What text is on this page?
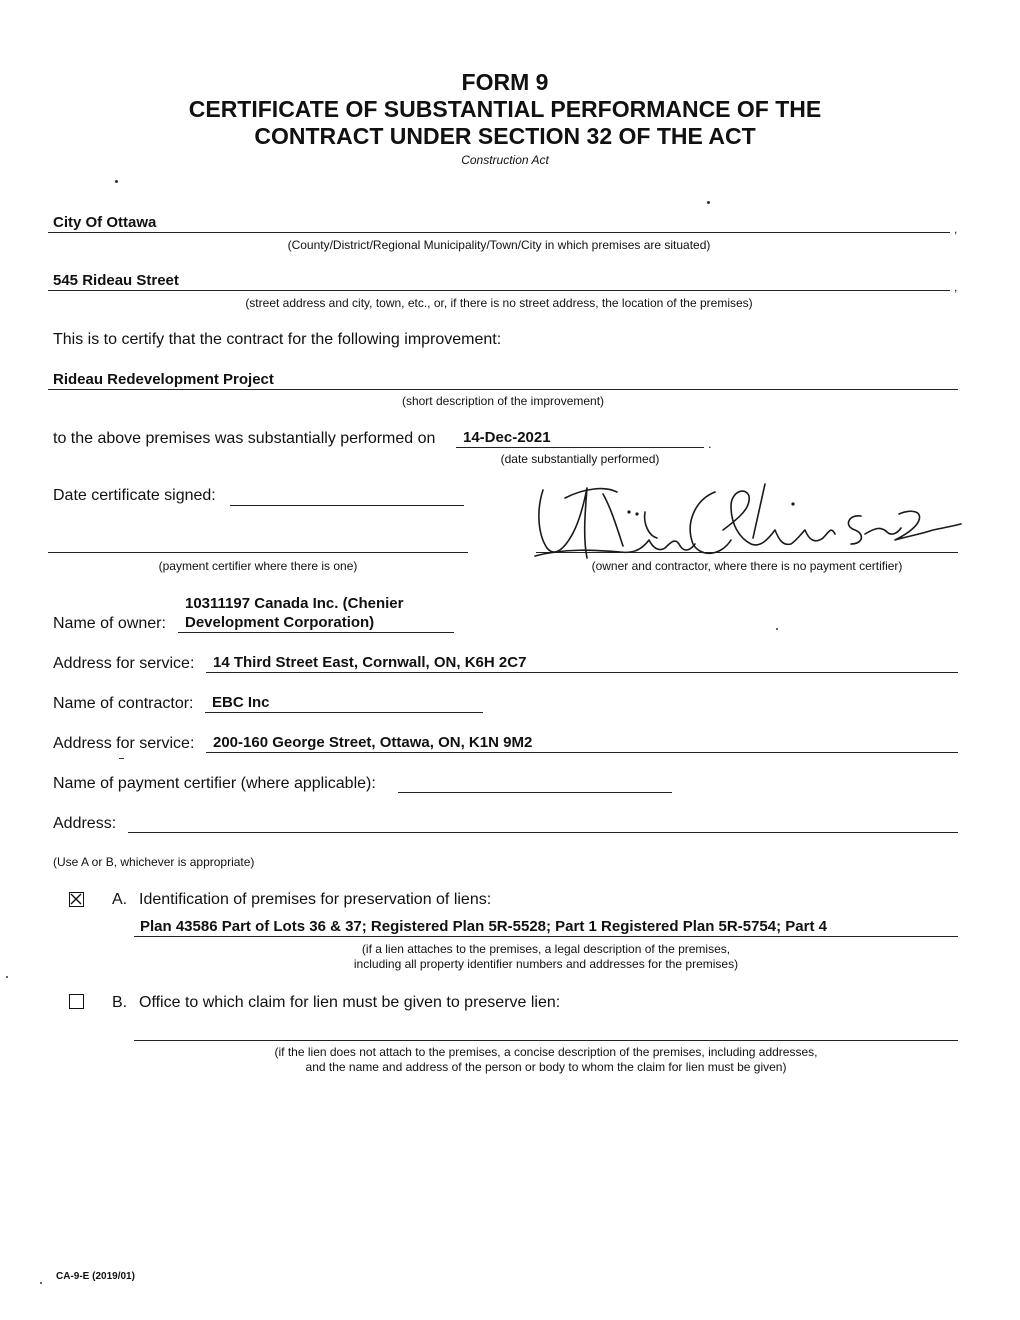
FORM 9
CERTIFICATE OF SUBSTANTIAL PERFORMANCE OF THE
CONTRACT UNDER SECTION 32 OF THE ACT
Construction Act
City Of Ottawa	,
(County/District/Regional Municipality/Town/City in which premises are situated)
545 Rideau Street	,
(street address and city, town, etc., or, if there is no street address, the location of the premises)
This is to certify that the contract for the following improvement:
Rideau Redevelopment Project
(short description of the improvement)
to the above premises was substantially performed on 14-Dec-2021	.
(date substantially performed)
Date certificate signed:
(payment certifier where there is one)	(owner and contractor, where there is no payment certifier)
10311197 Canada Inc. (Chenier
Name of owner: Development Corporation)
Address for service: 14 Third Street East, Cornwall, ON, K6H 2C7
Name of contractor: EBC Inc
Address for service: 200-160 George Street, Ottawa, ON, K1N 9M2
Name of payment certifier (where applicable):
Address:
(Use A or B, whichever is appropriate)
A. Identification of premises for preservation of liens:
Plan 43586 Part of Lots 36 & 37; Registered Plan 5R-5528; Part 1 Registered Plan 5R-5754; Part 4
(if a lien attaches to the premises, a legal description of the premises,
including all property identifier numbers and addresses for the premises)
B. Office to which claim for lien must be given to preserve lien:
(if the lien does not attach to the premises, a concise description of the premises, including addresses,
and the name and address of the person or body to whom the claim for lien must be given)
CA-9-E (2019/01)
